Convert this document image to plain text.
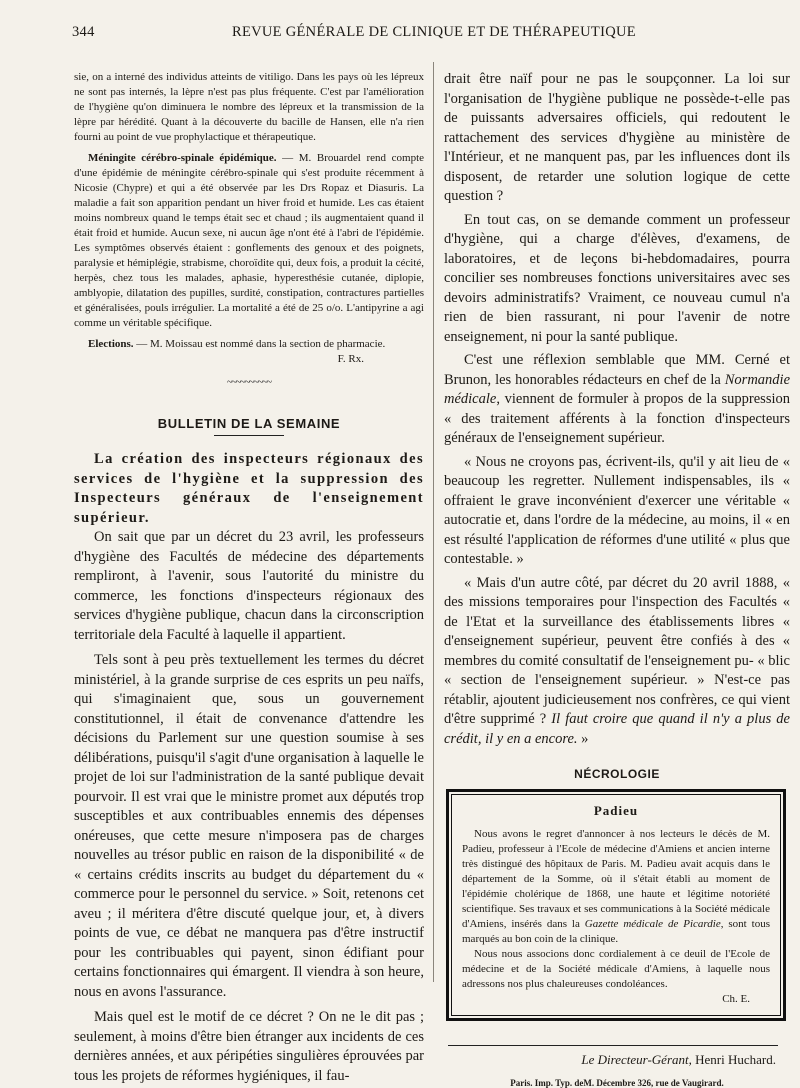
344	REVUE GÉNÉRALE DE CLINIQUE ET DE THÉRAPEUTIQUE

sie, on a interné des individus atteints de vitiligo. Dans les pays où les lépreux ne sont pas internés, la lèpre n'est pas plus fréquente. C'est par l'amélioration de l'hygiène qu'on diminuera le nombre des lépreux et la transmission de la lèpre par hérédité. Quant à la découverte du bacille de Hansen, elle n'a rien fourni au point de vue prophylactique et thérapeutique.

Méningite cérébro-spinale épidémique. — M. Brouardel rend compte d'une épidémie de méningite cérébro-spinale qui s'est produite récemment à Nicosie (Chypre) et qui a été observée par les Drs Ropaz et Diasuris. La maladie a fait son apparition pendant un hiver froid et humide. Les cas étaient moins nombreux quand le temps était sec et chaud ; ils augmentaient quand il était froid et humide. Aucun sexe, ni aucun âge n'ont été à l'abri de l'épidémie. Les symptômes observés étaient : gonflements des genoux et des poignets, paralysie et hémiplégie, strabisme, choroïdite qui, deux fois, a produit la cécité, herpès, chez tous les malades, aphasie, hyperesthésie cutanée, diplopie, amblyopie, dilatation des pupilles, surdité, constipation, contractures partielles et généralisées, pouls irrégulier. La mortalité a été de 25 o/o. L'antipyrine a agi comme un véritable spécifique.

Elections. — M. Moissau est nommé dans la section de pharmacie.

F. Rx.

~~~~~~~~~~
BULLETIN DE LA SEMAINE

La création des inspecteurs régionaux des services de l'hygiène et la suppression des Inspecteurs généraux de l'enseignement supérieur.

On sait que par un décret du 23 avril, les professeurs d'hygiène des Facultés de médecine des départements rempliront, à l'avenir, sous l'autorité du ministre du commerce, les fonctions d'inspecteurs régionaux des services d'hygiène publique, chacun dans la circonscription territoriale dela Faculté à laquelle il appartient.

Tels sont à peu près textuellement les termes du décret ministériel, à la grande surprise de ces esprits un peu naïfs, qui s'imaginaient que, sous un gouvernement constitutionnel, il était de convenance d'attendre les décisions du Parlement sur une question soumise à ses délibérations, puisqu'il s'agit d'une organisation à laquelle le projet de loi sur l'administration de la santé publique devait pourvoir. Il est vrai que le ministre promet aux députés trop susceptibles et aux contribuables ennemis des dépenses onéreuses, que cette mesure n'imposera pas de charges nouvelles au trésor public en raison de la disponibilité « de « certains crédits inscrits au budget du département du « commerce pour le personnel du service. » Soit, retenons cet aveu ; il méritera d'être discuté quelque jour, et, à divers points de vue, ce débat ne manquera pas d'être instructif pour les contribuables qui payent, sinon édifiant pour certains fonctionnaires qui émargent. Il viendra à son heure, nous en avons l'assurance.

Mais quel est le motif de ce décret ? On ne le dit pas ; seulement, à moins d'être bien étranger aux incidents de ces dernières années, et aux péripéties singulières éprouvées par tous les projets de réformes hygiéniques, il fau-

drait être naïf pour ne pas le soupçonner. La loi sur l'organisation de l'hygiène publique ne possède-t-elle pas de puissants adversaires officiels, qui redoutent le rattachement des services d'hygiène au ministère de l'Intérieur, et ne manquent pas, par les influences dont ils disposent, de retarder une solution logique de cette question ?

En tout cas, on se demande comment un professeur d'hygiène, qui a charge d'élèves, d'examens, de laboratoires, et de leçons bi-hebdomadaires, pourra concilier ses nombreuses fonctions universitaires avec ses devoirs administratifs? Vraiment, ce nouveau cumul n'a rien de bien rassurant, ni pour l'avenir de notre enseignement, ni pour la santé publique.

C'est une réflexion semblable que MM. Cerné et Brunon, les honorables rédacteurs en chef de la Normandie médicale, viennent de formuler à propos de la suppression « des traitement afférents à la fonction d'inspecteurs généraux de l'enseignement supérieur.

« Nous ne croyons pas, écrivent-ils, qu'il y ait lieu de « beaucoup les regretter. Nullement indispensables, ils « offraient le grave inconvénient d'exercer une véritable « autocratie et, dans l'ordre de la médecine, au moins, il « en est résulté l'application de réformes d'une utilité « plus que contestable. »

« Mais d'un autre côté, par décret du 20 avril 1888, « des missions temporaires pour l'inspection des Facultés « de l'Etat et la surveillance des établissements libres « d'enseignement supérieur, peuvent être confiés à des « membres du comité consultatif de l'enseignement pu- « blic « section de l'enseignement supérieur. » N'est-ce pas rétablir, ajoutent judicieusement nos confrères, ce qui vient d'être supprimé ? Il faut croire que quand il n'y a plus de crédit, il y en a encore. »

NÉCROLOGIE
Padieu

Nous avons le regret d'annoncer à nos lecteurs le décès de M. Padieu, professeur à l'Ecole de médecine d'Amiens et ancien interne très distingué des hôpitaux de Paris. M. Padieu avait acquis dans le département de la Somme, où il s'était établi au moment de l'épidémie cholérique de 1868, une haute et légitime notoriété scientifique. Ses travaux et ses communications à la Société médicale d'Amiens, insérés dans la Gazette médicale de Picardie, sont tous marqués au bon coin de la clinique.

Nous nous associons donc cordialement à ce deuil de l'Ecole de médecine et de la Société médicale d'Amiens, à laquelle nous adressons nos plus chaleureuses condoléances.

Ch. E.

Le Directeur-Gérant, Henri Huchard.

Paris. Imp. Typ. deM. Décembre 326, rue de Vaugirard.
